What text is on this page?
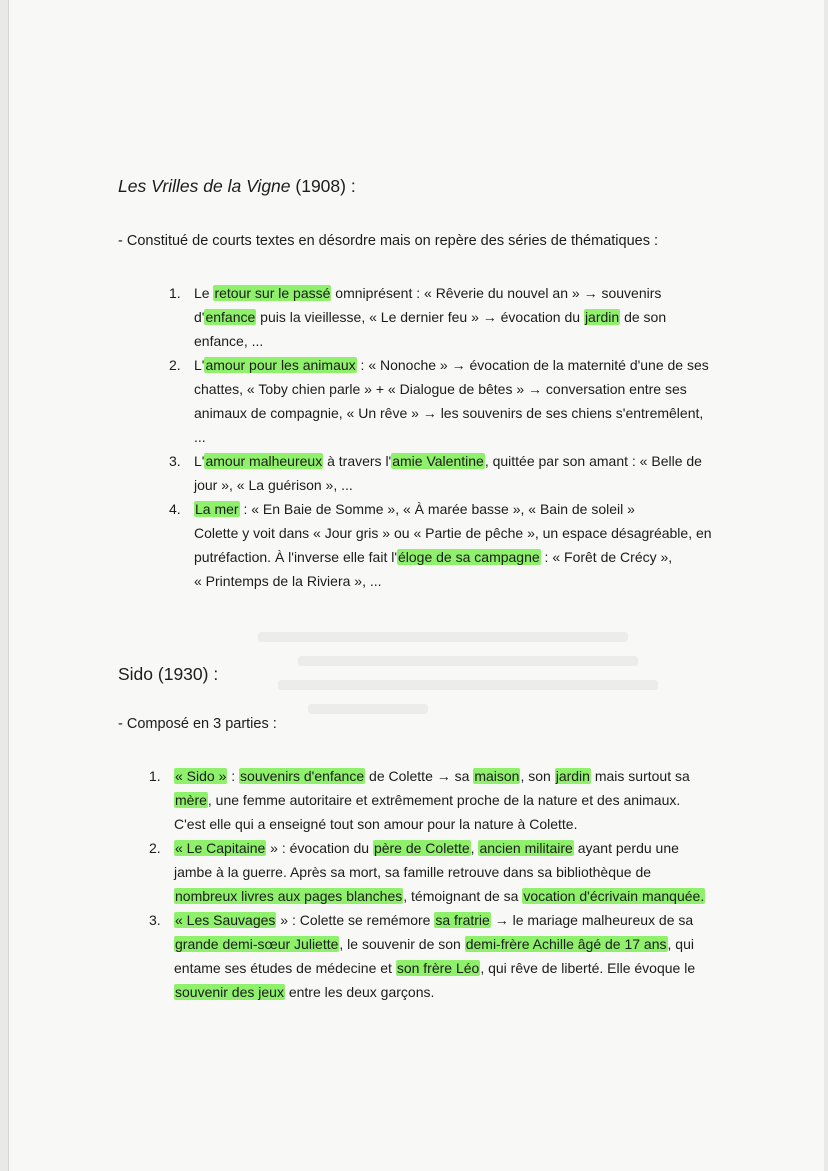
Les Vrilles de la Vigne (1908) :
- Constitué de courts textes en désordre mais on repère des séries de thématiques :
1. Le retour sur le passé omniprésent : « Rêverie du nouvel an » → souvenirs
d'enfance puis la vieillesse, « Le dernier feu » → évocation du jardin de son
enfance, ...
2. L'amour pour les animaux : « Nonoche » → évocation de la maternité d'une de ses
chattes, « Toby chien parle » + « Dialogue de bêtes » → conversation entre ses
animaux de compagnie, « Un rêve » → les souvenirs de ses chiens s'entremêlent,
...
3. L'amour malheureux à travers l'amie Valentine, quittée par son amant : « Belle de
jour », « La guérison », ...
4. La mer : « En Baie de Somme », « À marée basse », « Bain de soleil »
Colette y voit dans « Jour gris » ou « Partie de pêche », un espace désagréable, en
putréfaction. À l'inverse elle fait l'éloge de sa campagne : « Forêt de Crécy »,
« Printemps de la Riviera », ...
Sido (1930) :
- Composé en 3 parties :
1. « Sido » : souvenirs d'enfance de Colette → sa maison, son jardin mais surtout sa
mère, une femme autoritaire et extrêmement proche de la nature et des animaux.
C'est elle qui a enseigné tout son amour pour la nature à Colette.
2. « Le Capitaine » : évocation du père de Colette, ancien militaire ayant perdu une
jambe à la guerre. Après sa mort, sa famille retrouve dans sa bibliothèque de
nombreux livres aux pages blanches, témoignant de sa vocation d'écrivain manquée.
3. « Les Sauvages » : Colette se remémore sa fratrie → le mariage malheureux de sa
grande demi-sœur Juliette, le souvenir de son demi-frère Achille âgé de 17 ans, qui
entame ses études de médecine et son frère Léo, qui rêve de liberté. Elle évoque le
souvenir des jeux entre les deux garçons.
